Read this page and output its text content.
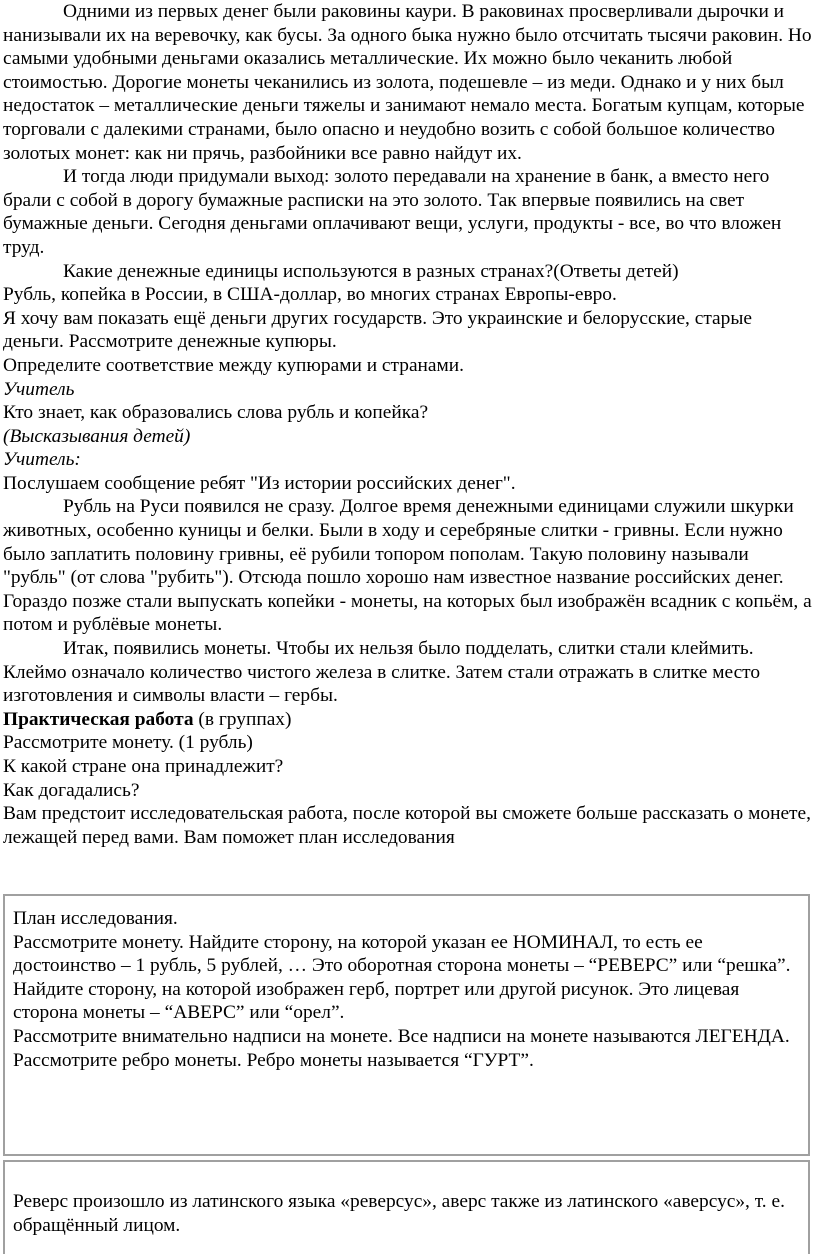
Одними из первых денег были раковины каури. В раковинах просверливали дырочки и нанизывали их на веревочку, как бусы. За одного быка нужно было отсчитать тысячи раковин. Но самыми удобными деньгами оказались металлические. Их можно было чеканить любой стоимостью. Дорогие монеты чеканились из золота, подешевле – из меди. Однако и у них был недостаток – металлические деньги тяжелы и занимают немало места. Богатым купцам, которые торговали с далекими странами, было опасно и неудобно возить с собой большое количество золотых монет: как ни прячь, разбойники все равно найдут их.

И тогда люди придумали выход: золото передавали на хранение в банк, а вместо него брали с собой в дорогу бумажные расписки на это золото. Так впервые появились на свет бумажные деньги. Сегодня деньгами оплачивают вещи, услуги, продукты - все, во что вложен труд.

Какие денежные единицы используются в разных странах?(Ответы детей)

Рубль, копейка в России, в США-доллар, во многих странах Европы-евро.

Я хочу вам показать ещё деньги других государств. Это украинские и белорусские, старые деньги. Рассмотрите денежные купюры.

Определите соответствие между купюрами и странами.

Учитель

Кто знает, как образовались слова рубль и копейка?

(Высказывания детей)

Учитель:

Послушаем сообщение ребят "Из истории российских денег".

Рубль на Руси появился не сразу. Долгое время денежными единицами служили шкурки животных, особенно куницы и белки. Были в ходу и серебряные слитки - гривны. Если нужно было заплатить половину гривны, её рубили топором пополам. Такую половину называли "рубль" (от слова "рубить"). Отсюда пошло хорошо нам известное название российских денег. Гораздо позже стали выпускать копейки - монеты, на которых был изображён всадник с копьём, а потом и рублёвые монеты.

Итак, появились монеты. Чтобы их нельзя было подделать, слитки стали клеймить. Клеймо означало количество чистого железа в слитке. Затем стали отражать в слитке место изготовления и символы власти – гербы.

Практическая работа (в группах)

Рассмотрите монету. (1 рубль)

К какой стране она принадлежит?

Как догадались?

Вам предстоит исследовательская работа, после которой вы сможете больше рассказать о монете, лежащей перед вами. Вам поможет план исследования

План исследования.

Рассмотрите монету. Найдите сторону, на которой указан ее НОМИНАЛ, то есть ее достоинство – 1 рубль, 5 рублей, … Это оборотная сторона монеты – “РЕВЕРС” или “решка”.

Найдите сторону, на которой изображен герб, портрет или другой рисунок. Это лицевая сторона монеты – “АВЕРС” или “орел”.

Рассмотрите внимательно надписи на монете. Все надписи на монете называются ЛЕГЕНДА.

Рассмотрите ребро монеты. Ребро монеты называется “ГУРТ”.

Реверс произошло из латинского языка «реверсус», аверс также из латинского «аверсус», т. е. обращённый лицом.
